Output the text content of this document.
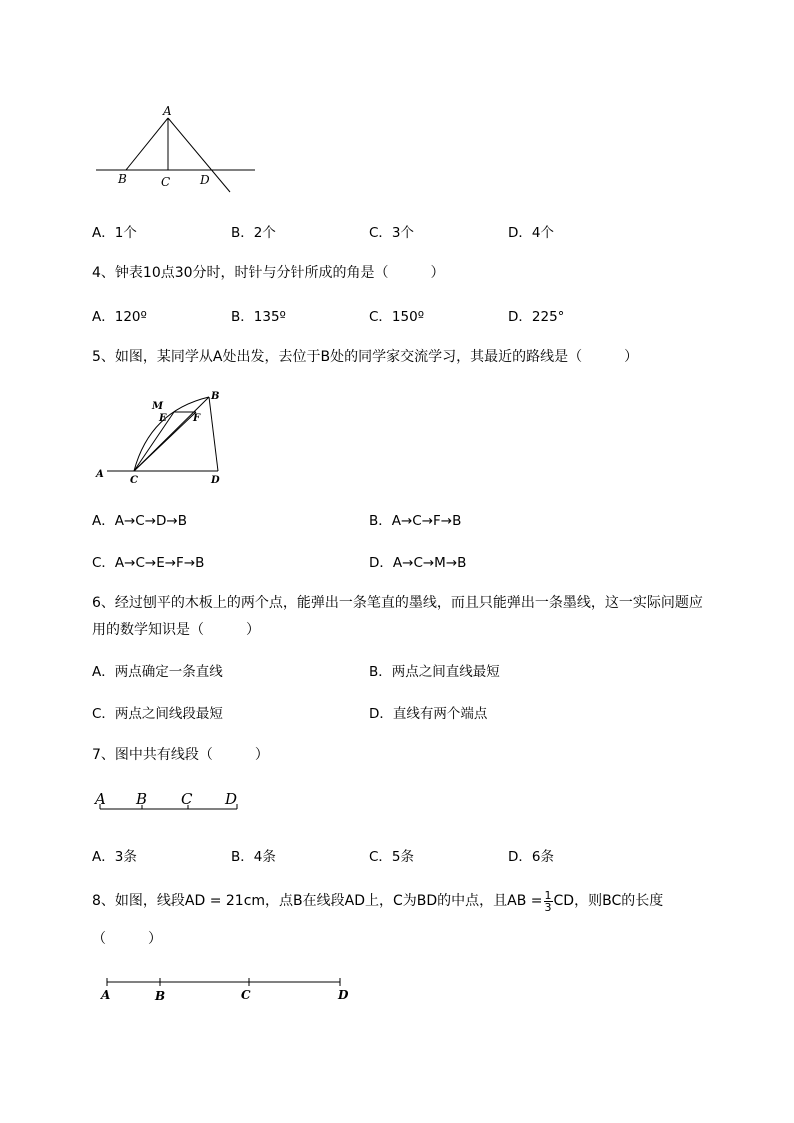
A
B	C D
A．1个	B．2个	C．3个	D．4个
4、钟表10点30分时，时针与分针所成的角是（　　　）
A．120º	B．135º	C．150º	D．225°
5、如图，某同学从A处出发，去位于B处的同学家交流学习，其最近的路线是（　　　）
M
B
E	F
A
C	D
A．A→C→D→B	B．A→C→F→B
C．A→C→E→F→B	D．A→C→M→B
6、经过刨平的木板上的两个点，能弹出一条笔直的墨线，而且只能弹出一条墨线，这一实际问题应
用的数学知识是（　　　）
A．两点确定一条直线	B．两点之间直线最短
C．两点之间线段最短	D．直线有两个端点
7、图中共有线段（　　　）
A B C D
A．3条	B．4条	C．5条	D．6条
8、如图，线段AD = 21cm，点B在线段AD上，C为BD的中点，且AB = $\frac{1}{3}$ CD，则BC的长度
（　　　）
A	B	C	D
